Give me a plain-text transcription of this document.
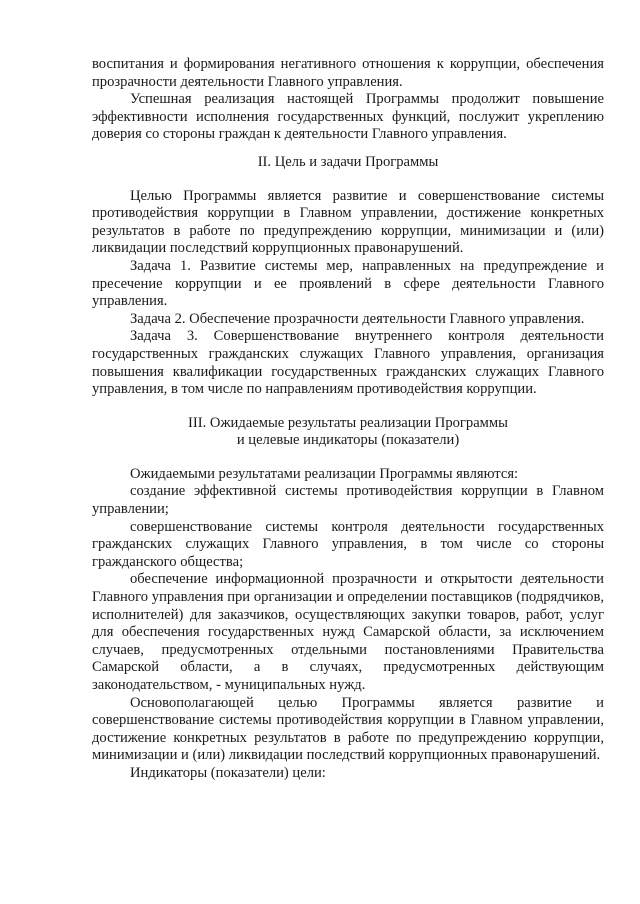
воспитания и формирования негативного отношения к коррупции, обеспечения прозрачности деятельности Главного управления.

Успешная реализация настоящей Программы продолжит повышение эффективности исполнения государственных функций, послужит укреплению доверия со стороны граждан к деятельности Главного управления.

II. Цель и задачи Программы

Целью Программы является развитие и совершенствование системы противодействия коррупции в Главном управлении, достижение конкретных результатов в работе по предупреждению коррупции, минимизации и (или) ликвидации последствий коррупционных правонарушений.

Задача 1. Развитие системы мер, направленных на предупреждение и пресечение коррупции и ее проявлений в сфере деятельности Главного управления.

Задача 2. Обеспечение прозрачности деятельности Главного управления.

Задача 3. Совершенствование внутреннего контроля деятельности государственных гражданских служащих Главного управления, организация повышения квалификации государственных гражданских служащих Главного управления, в том числе по направлениям противодействия коррупции.

III. Ожидаемые результаты реализации Программы

и целевые индикаторы (показатели)

Ожидаемыми результатами реализации Программы являются:

создание эффективной системы противодействия коррупции в Главном управлении;

совершенствование системы контроля деятельности государственных гражданских служащих Главного управления, в том числе со стороны гражданского общества;

обеспечение информационной прозрачности и открытости деятельности Главного управления при организации и определении поставщиков (подрядчиков, исполнителей) для заказчиков, осуществляющих закупки товаров, работ, услуг для обеспечения государственных нужд Самарской области, за исключением случаев, предусмотренных отдельными постановлениями Правительства Самарской области, а в случаях, предусмотренных действующим законодательством, - муниципальных нужд.

Основополагающей целью Программы является развитие и совершенствование системы противодействия коррупции в Главном управлении, достижение конкретных результатов в работе по предупреждению коррупции, минимизации и (или) ликвидации последствий коррупционных правонарушений.

Индикаторы (показатели) цели:
